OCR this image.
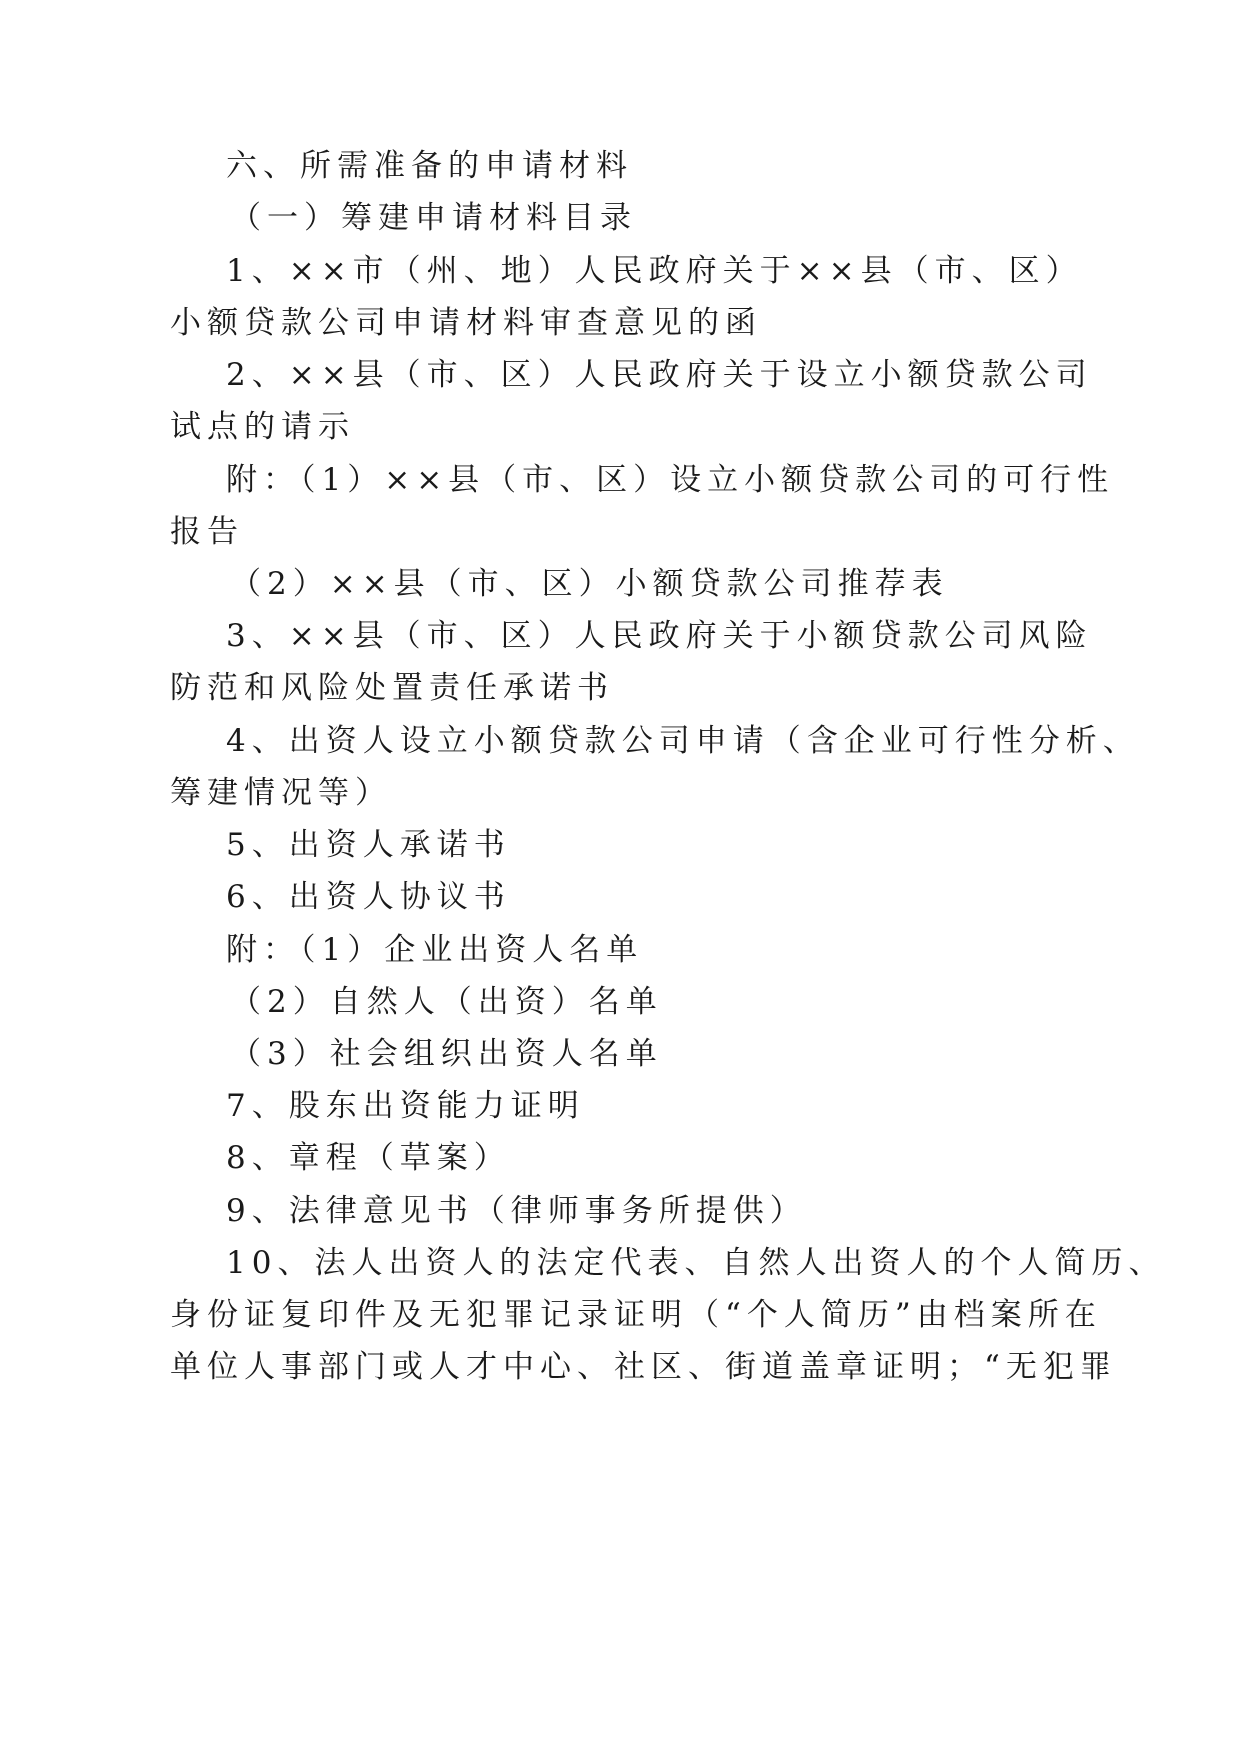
六、所需准备的申请材料
（一）筹建申请材料目录
1、××市（州、地）人民政府关于××县（市、区）
小额贷款公司申请材料审查意见的函
2、××县（市、区）人民政府关于设立小额贷款公司
试点的请示
附：（1）××县（市、区）设立小额贷款公司的可行性
报告
（2）××县（市、区）小额贷款公司推荐表
3、××县（市、区）人民政府关于小额贷款公司风险
防范和风险处置责任承诺书
4、出资人设立小额贷款公司申请（含企业可行性分析、
筹建情况等）
5、出资人承诺书
6、出资人协议书
附：（1）企业出资人名单
（2）自然人（出资）名单
（3）社会组织出资人名单
7、股东出资能力证明
8、章程（草案）
9、法律意见书（律师事务所提供）
10、法人出资人的法定代表、自然人出资人的个人简历、
身份证复印件及无犯罪记录证明（“个人简历”由档案所在
单位人事部门或人才中心、社区、街道盖章证明；“无犯罪
